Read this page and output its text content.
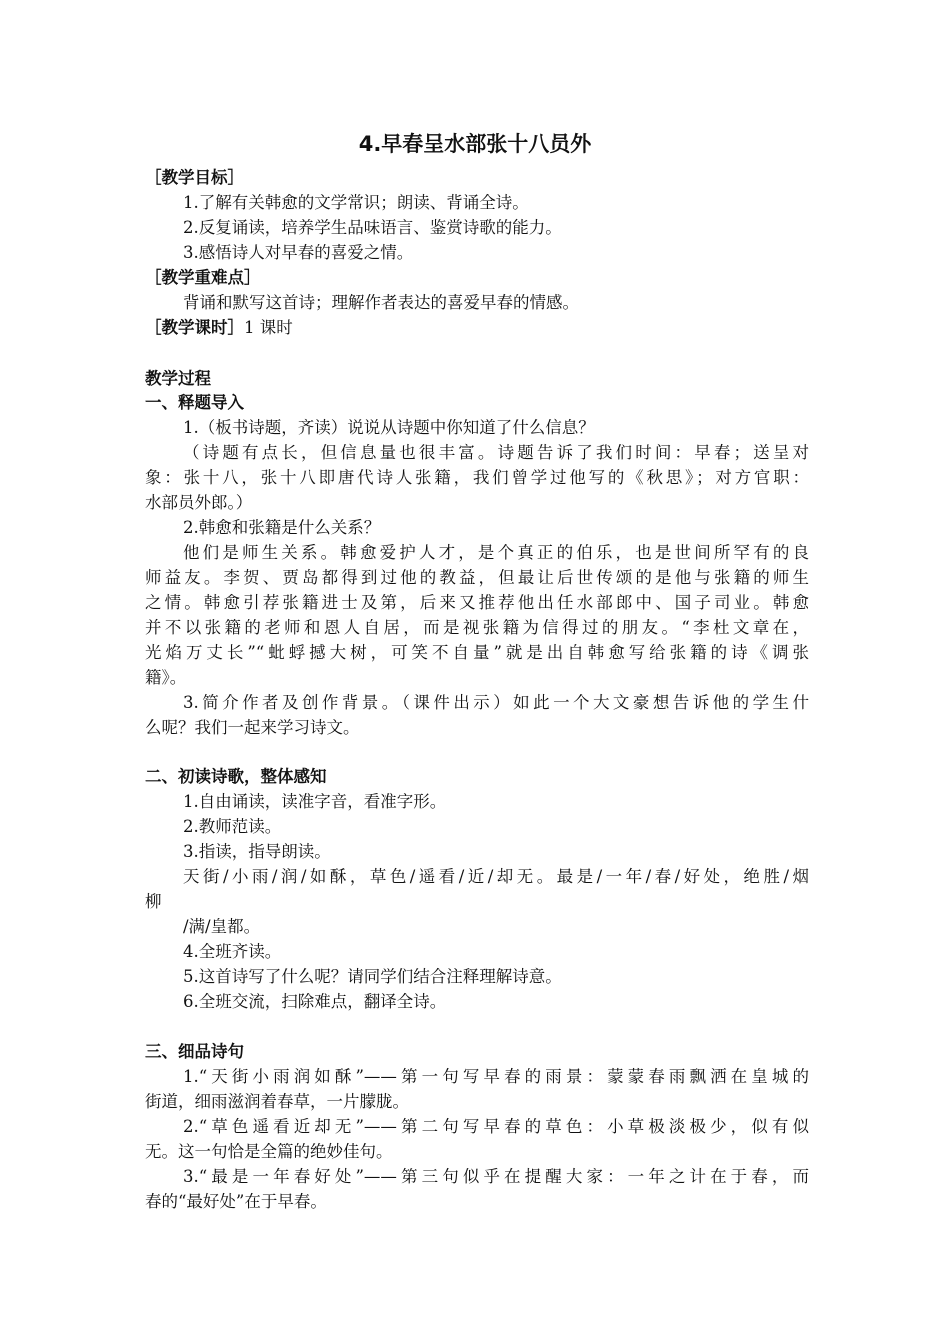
4.早春呈水部张十八员外
［教学目标］
1.了解有关韩愈的文学常识；朗读、背诵全诗。
2.反复诵读，培养学生品味语言、鉴赏诗歌的能力。
3.感悟诗人对早春的喜爱之情。
［教学重难点］
背诵和默写这首诗；理解作者表达的喜爱早春的情感。
［教学课时］1 课时
教学过程
一、释题导入
1.（板书诗题，齐读）说说从诗题中你知道了什么信息？
（诗题有点长，但信息量也很丰富。诗题告诉了我们时间：早春；送呈对
象：张十八，张十八即唐代诗人张籍，我们曾学过他写的《秋思》；对方官职：
水部员外郎。）
2.韩愈和张籍是什么关系？
他们是师生关系。韩愈爱护人才，是个真正的伯乐，也是世间所罕有的良
师益友。李贺、贾岛都得到过他的教益，但最让后世传颂的是他与张籍的师生
之情。韩愈引荐张籍进士及第，后来又推荐他出任水部郎中、国子司业。韩愈
并不以张籍的老师和恩人自居，而是视张籍为信得过的朋友。“李杜文章在，
光焰万丈长”“蚍蜉撼大树，可笑不自量”就是出自韩愈写给张籍的诗《调张
籍》。
3.简介作者及创作背景。（课件出示）如此一个大文豪想告诉他的学生什
么呢？我们一起来学习诗文。
二、初读诗歌，整体感知
1.自由诵读，读准字音，看准字形。
2.教师范读。
3.指读，指导朗读。
天街/小雨/润/如酥，草色/遥看/近/却无。最是/一年/春/好处，绝胜/烟
柳
/满/皇都。
4.全班齐读。
5.这首诗写了什么呢？请同学们结合注释理解诗意。
6.全班交流，扫除难点，翻译全诗。
三、细品诗句
1.“天街小雨润如酥”——第一句写早春的雨景：蒙蒙春雨飘洒在皇城的
街道，细雨滋润着春草，一片朦胧。
2.“草色遥看近却无”——第二句写早春的草色：小草极淡极少，似有似
无。这一句恰是全篇的绝妙佳句。
3.“最是一年春好处”——第三句似乎在提醒大家：一年之计在于春，而
春的“最好处”在于早春。
